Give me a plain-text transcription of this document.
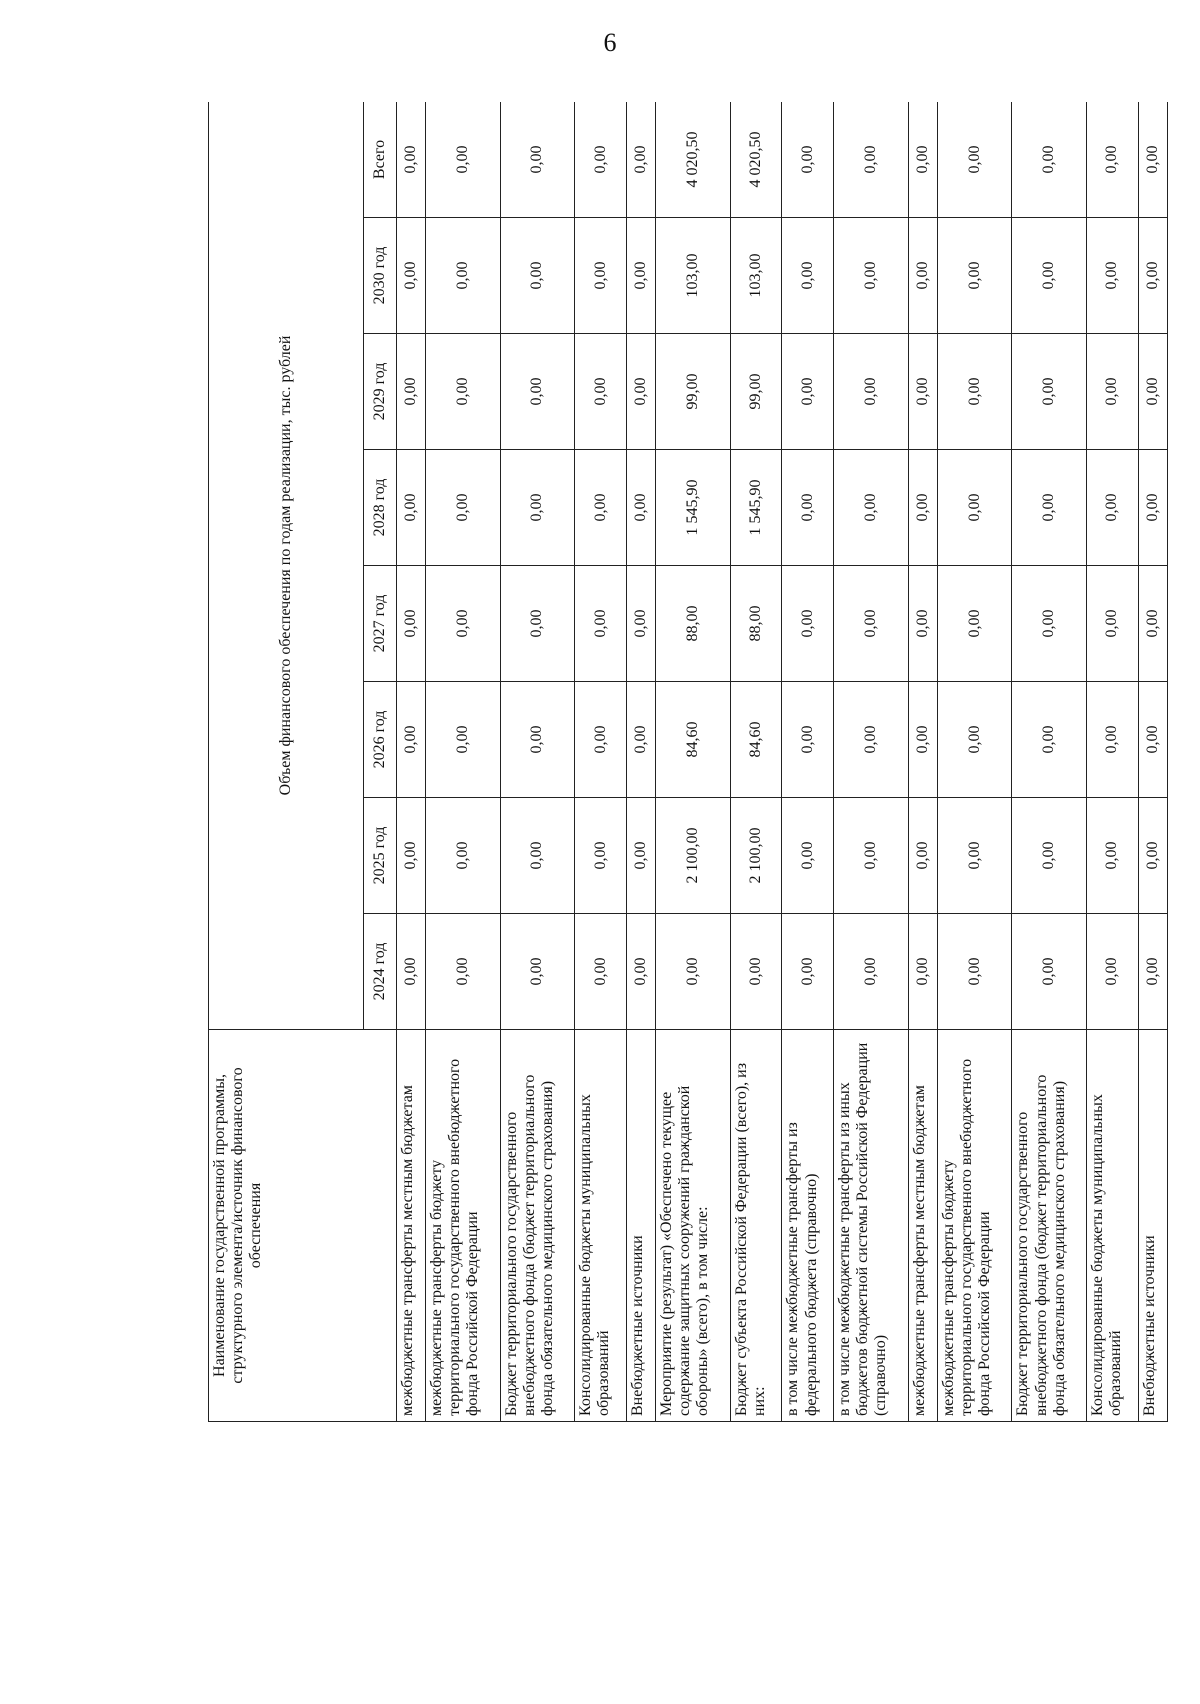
6
Наименование государственной программы, структурного элемента/источник финансового обеспечения	Объем финансового обеспечения по годам реализации, тыс. рублей							
	2024 год	2025 год	2026 год	2027 год	2028 год	2029 год	2030 год	Всего
межбюджетные трансферты местным бюджетам	0,00	0,00	0,00	0,00	0,00	0,00	0,00	0,00
межбюджетные трансферты бюджету территориального государственного внебюджетного фонда Российской Федерации	0,00	0,00	0,00	0,00	0,00	0,00	0,00	0,00
Бюджет территориального государственного внебюджетного фонда (бюджет территориального фонда обязательного медицинского страхования)	0,00	0,00	0,00	0,00	0,00	0,00	0,00	0,00
Консолидированные бюджеты муниципальных образований	0,00	0,00	0,00	0,00	0,00	0,00	0,00	0,00
Внебюджетные источники	0,00	0,00	0,00	0,00	0,00	0,00	0,00	0,00
Мероприятие (результат) «Обеспечено текущее содержание защитных сооружений гражданской обороны» (всего), в том числе:	0,00	2 100,00	84,60	88,00	1 545,90	99,00	103,00	4 020,50
Бюджет субъекта Российской Федерации (всего), из них:	0,00	2 100,00	84,60	88,00	1 545,90	99,00	103,00	4 020,50
в том числе межбюджетные трансферты из федерального бюджета (справочно)	0,00	0,00	0,00	0,00	0,00	0,00	0,00	0,00
в том числе межбюджетные трансферты из иных бюджетов бюджетной системы Российской Федерации (справочно)	0,00	0,00	0,00	0,00	0,00	0,00	0,00	0,00
межбюджетные трансферты местным бюджетам	0,00	0,00	0,00	0,00	0,00	0,00	0,00	0,00
межбюджетные трансферты бюджету территориального государственного внебюджетного фонда Российской Федерации	0,00	0,00	0,00	0,00	0,00	0,00	0,00	0,00
Бюджет территориального государственного внебюджетного фонда (бюджет территориального фонда обязательного медицинского страхования)	0,00	0,00	0,00	0,00	0,00	0,00	0,00	0,00
Консолидированные бюджеты муниципальных образований	0,00	0,00	0,00	0,00	0,00	0,00	0,00	0,00
Внебюджетные источники	0,00	0,00	0,00	0,00	0,00	0,00	0,00	0,00
